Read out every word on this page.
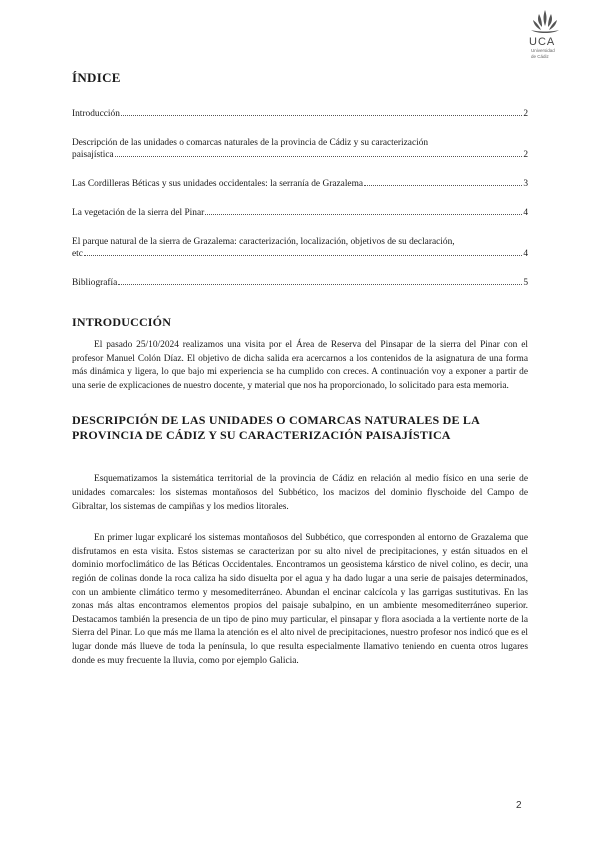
UCA
Universidad
de Cádiz
ÍNDICE
Introducción	2
Descripción de las unidades o comarcas naturales de la provincia de Cádiz y su caracterización
paisajística	2
Las Cordilleras Béticas y sus unidades occidentales: la serranía de Grazalema	3
La vegetación de la sierra del Pinar	4
El parque natural de la sierra de Grazalema: caracterización, localización, objetivos de su declaración,
etc	4
Bibliografía	5
INTRODUCCIÓN

El pasado 25/10/2024 realizamos una visita por el Área de Reserva del Pinsapar de la sierra del Pinar con el profesor Manuel Colón Díaz. El objetivo de dicha salida era acercarnos a los contenidos de la asignatura de una forma más dinámica y ligera, lo que bajo mi experiencia se ha cumplido con creces. A continuación voy a exponer a partir de una serie de explicaciones de nuestro docente, y material que nos ha proporcionado, lo solicitado para esta memoria.

DESCRIPCIÓN DE LAS UNIDADES O COMARCAS NATURALES DE LA PROVINCIA DE CÁDIZ Y SU CARACTERIZACIÓN PAISAJÍSTICA

Esquematizamos la sistemática territorial de la provincia de Cádiz en relación al medio físico en una serie de unidades comarcales: los sistemas montañosos del Subbético, los macizos del dominio flyschoide del Campo de Gibraltar, los sistemas de campiñas y los medios litorales.

En primer lugar explicaré los sistemas montañosos del Subbético, que corresponden al entorno de Grazalema que disfrutamos en esta visita. Estos sistemas se caracterizan por su alto nivel de precipitaciones, y están situados en el dominio morfoclimático de las Béticas Occidentales. Encontramos un geosistema kárstico de nivel colino, es decir, una región de colinas donde la roca caliza ha sido disuelta por el agua y ha dado lugar a una serie de paisajes determinados, con un ambiente climático termo y mesomediterráneo. Abundan el encinar calcícola y las garrigas sustitutivas. En las zonas más altas encontramos elementos propios del paisaje subalpino, en un ambiente mesomediterráneo superior. Destacamos también la presencia de un tipo de pino muy particular, el pinsapar y flora asociada a la vertiente norte de la Sierra del Pinar. Lo que más me llama la atención es el alto nivel de precipitaciones, nuestro profesor nos indicó que es el lugar donde más llueve de toda la península, lo que resulta especialmente llamativo teniendo en cuenta otros lugares donde es muy frecuente la lluvia, como por ejemplo Galicia.

2
